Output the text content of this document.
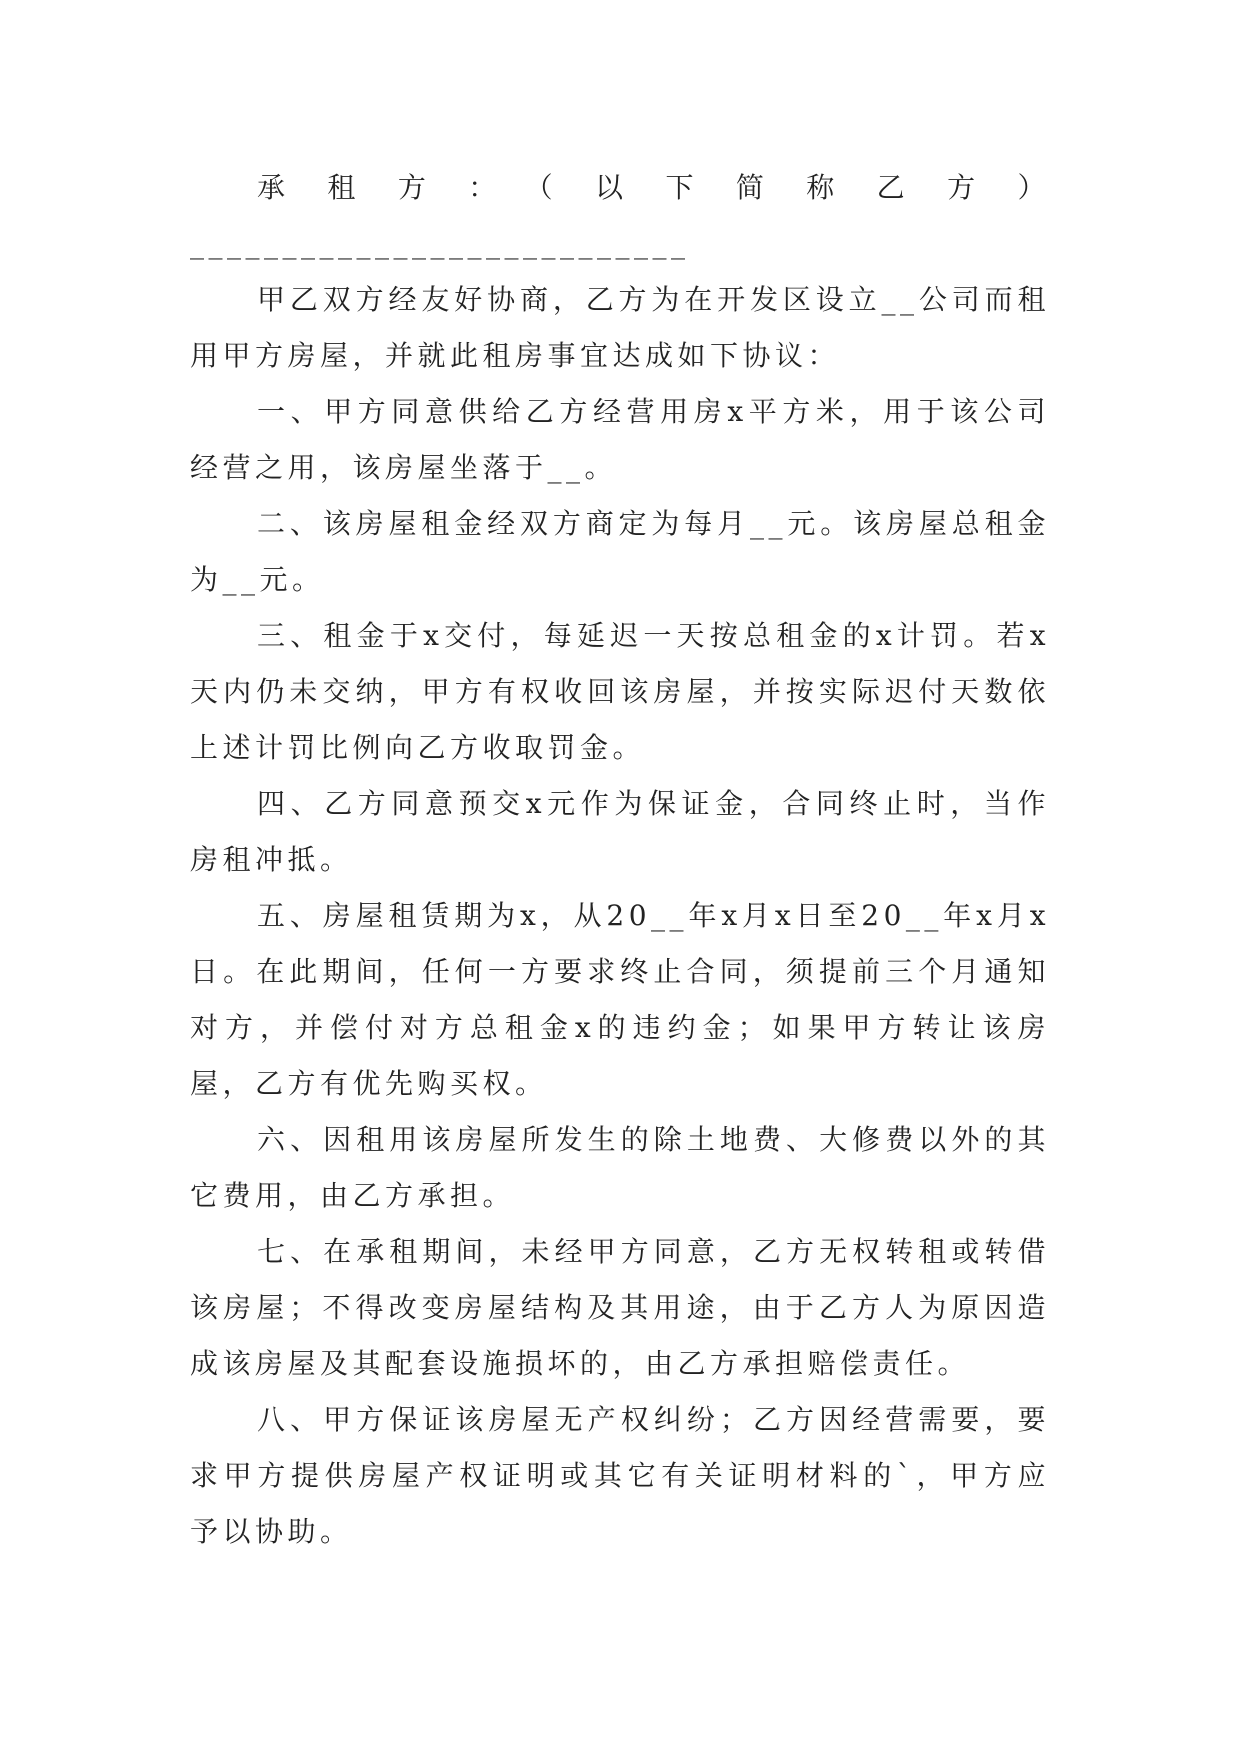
承租方：（以下简称乙方）___________________________

甲乙双方经友好协商，乙方为在开发区设立__公司而租用甲方房屋，并就此租房事宜达成如下协议：

一、甲方同意供给乙方经营用房x平方米，用于该公司经营之用，该房屋坐落于__。

二、该房屋租金经双方商定为每月__元。该房屋总租金为__元。

三、租金于x交付，每延迟一天按总租金的x计罚。若x天内仍未交纳，甲方有权收回该房屋，并按实际迟付天数依上述计罚比例向乙方收取罚金。

四、乙方同意预交x元作为保证金，合同终止时，当作房租冲抵。

五、房屋租赁期为x，从20__年x月x日至20__年x月x日。在此期间，任何一方要求终止合同，须提前三个月通知对方，并偿付对方总租金x的违约金；如果甲方转让该房屋，乙方有优先购买权。

六、因租用该房屋所发生的除土地费、大修费以外的其它费用，由乙方承担。

七、在承租期间，未经甲方同意，乙方无权转租或转借该房屋；不得改变房屋结构及其用途，由于乙方人为原因造成该房屋及其配套设施损坏的，由乙方承担赔偿责任。

八、甲方保证该房屋无产权纠纷；乙方因经营需要，要求甲方提供房屋产权证明或其它有关证明材料的`，甲方应予以协助。
